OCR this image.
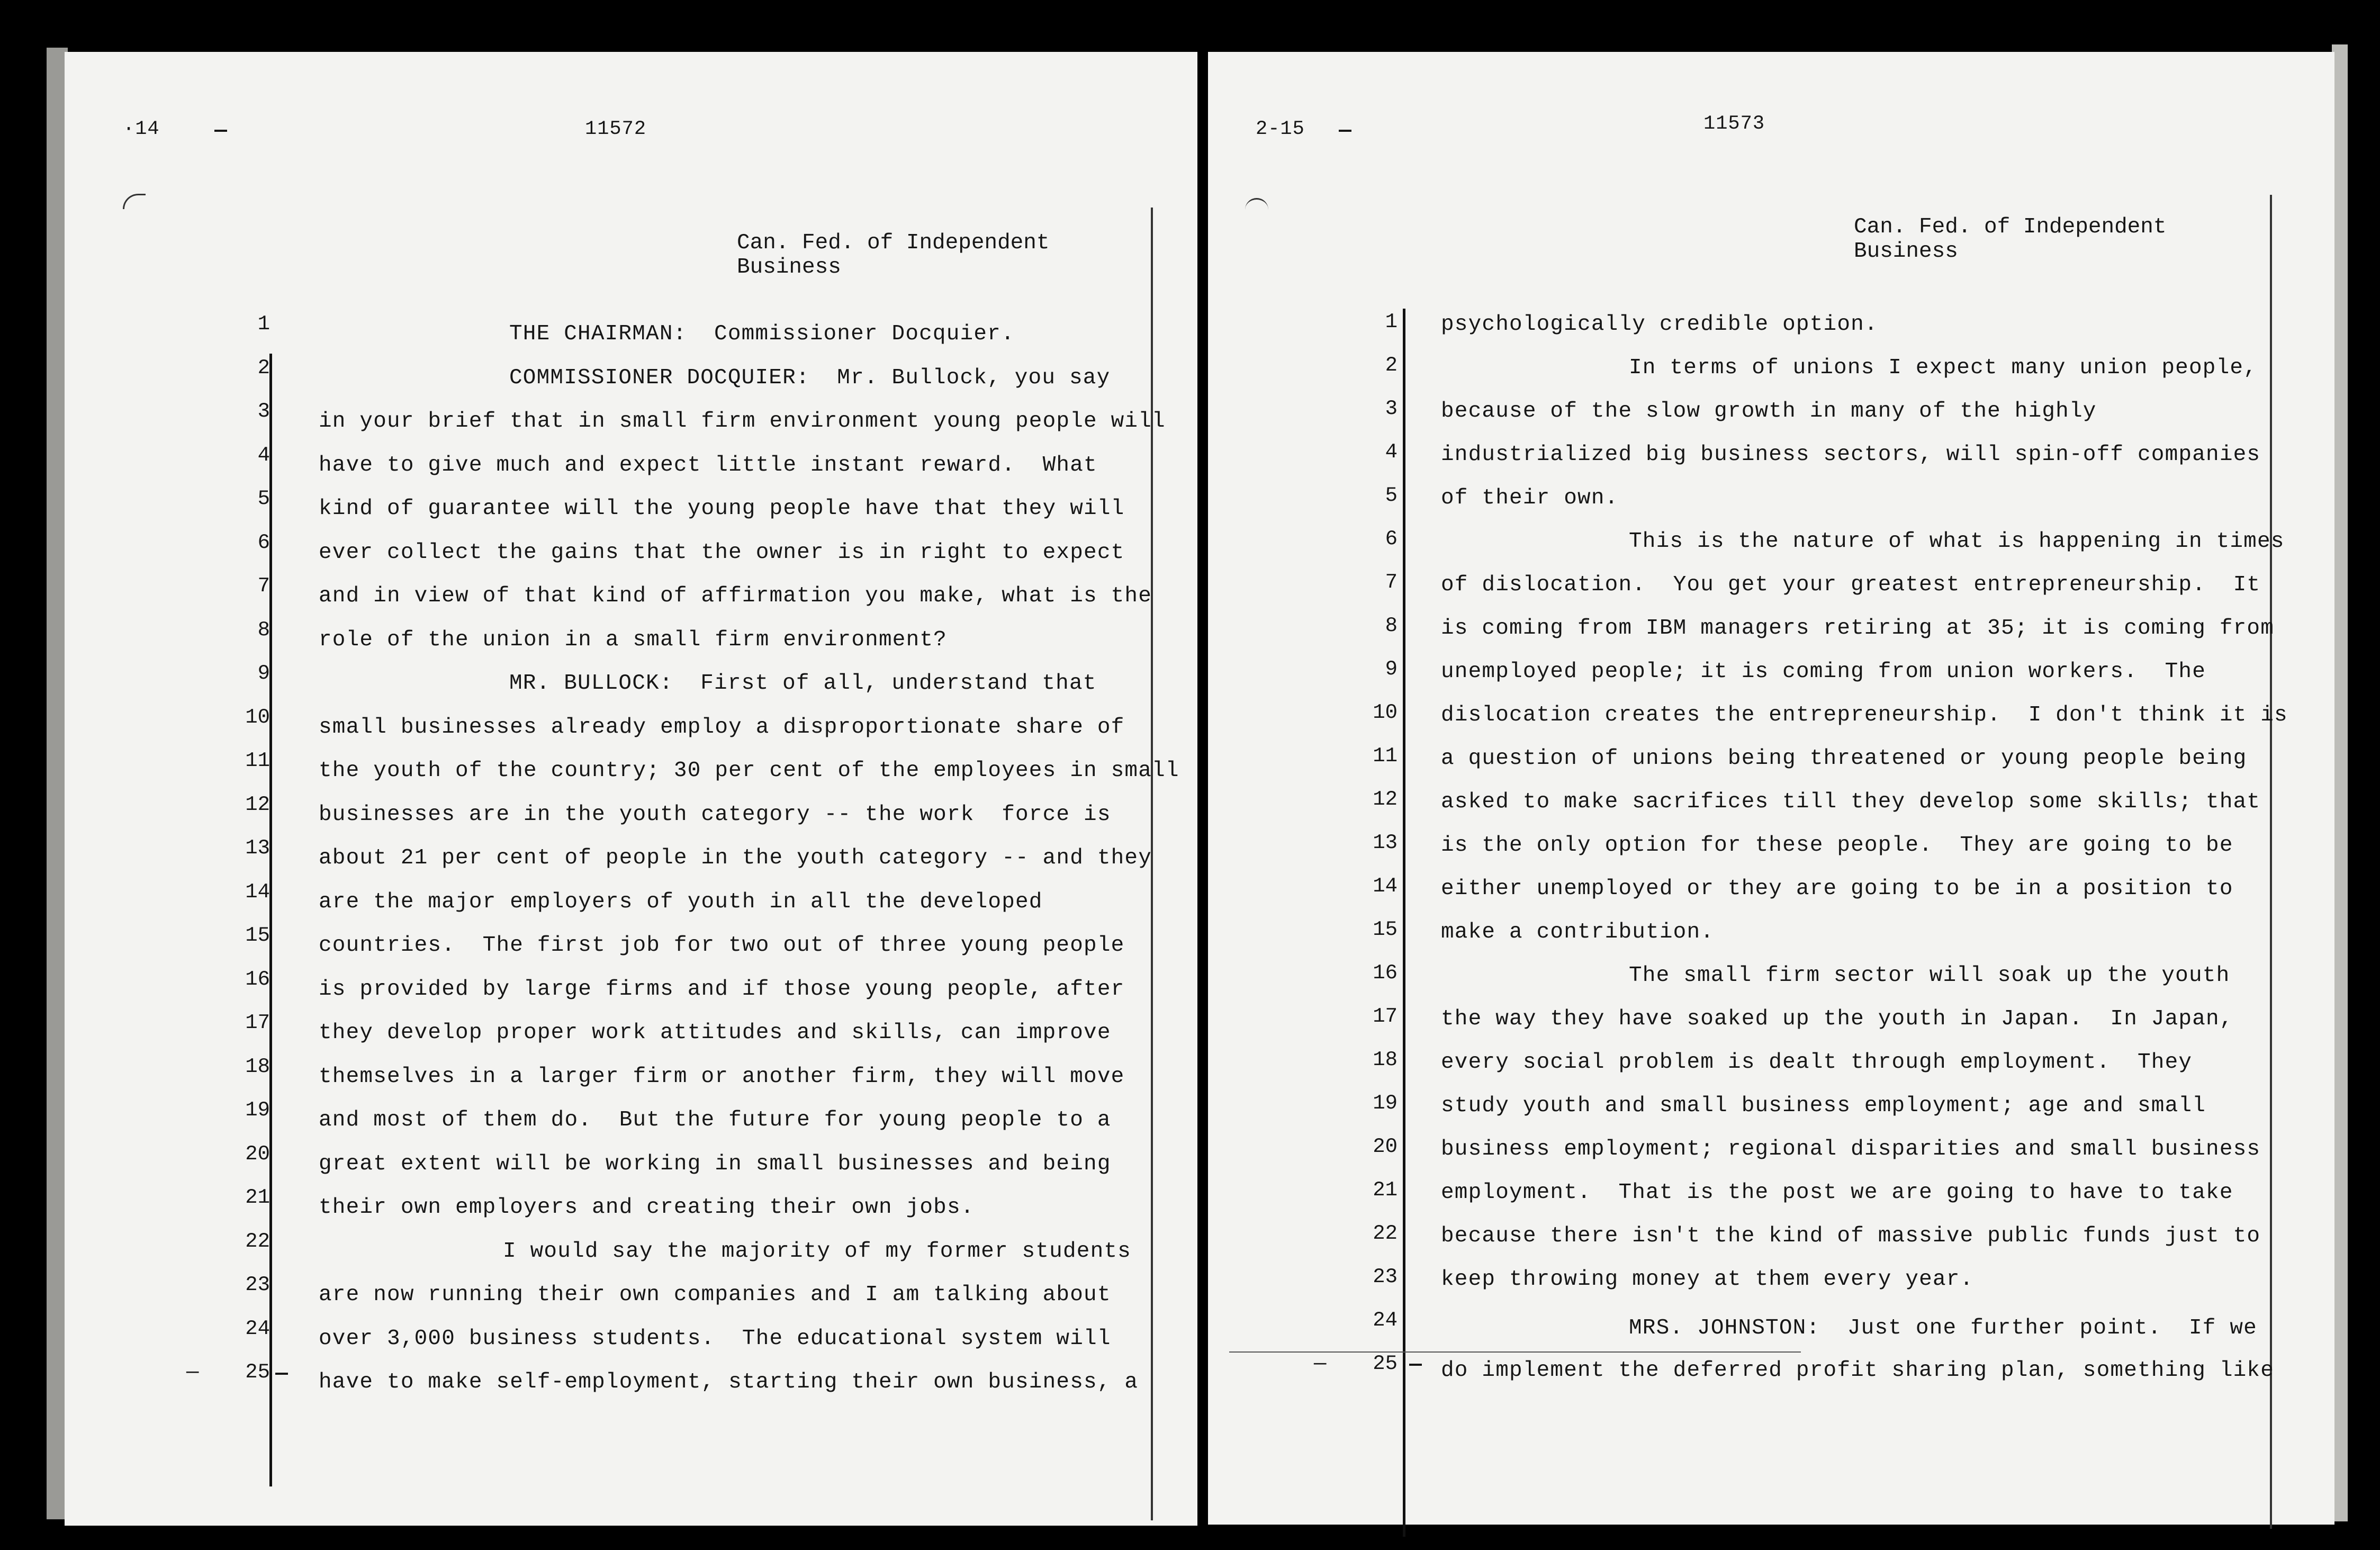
·14	11572
Can. Fed. of Independent
Business
1
2
3
4
5
6
7
8
9
10
11
12
13
14
15
16
17
18
19
20
21
22
23
24
— 25
THE CHAIRMAN:  Commissioner Docquier.
COMMISSIONER DOCQUIER:  Mr. Bullock, you say
in your brief that in small firm environment young people will
have to give much and expect little instant reward.  What
kind of guarantee will the young people have that they will
ever collect the gains that the owner is in right to expect
and in view of that kind of affirmation you make, what is the
role of the union in a small firm environment?
MR. BULLOCK:  First of all, understand that
small businesses already employ a disproportionate share of
the youth of the country; 30 per cent of the employees in small
businesses are in the youth category -- the work  force is
about 21 per cent of people in the youth category -- and they
are the major employers of youth in all the developed
countries.  The first job for two out of three young people
is provided by large firms and if those young people, after
they develop proper work attitudes and skills, can improve
themselves in a larger firm or another firm, they will move
and most of them do.  But the future for young people to a
great extent will be working in small businesses and being
their own employers and creating their own jobs.
I would say the majority of my former students
are now running their own companies and I am talking about
over 3,000 business students.  The educational system will
have to make self-employment, starting their own business, a
2-15	11573
Can. Fed. of Independent
Business
1
2
3
4
5
6
7
8
9
10
11
12
13
14
15
16
17
18
19
20
21
22
23
24
— 25
psychologically credible option.
In terms of unions I expect many union people,
because of the slow growth in many of the highly
industrialized big business sectors, will spin-off companies
of their own.
This is the nature of what is happening in times
of dislocation.  You get your greatest entrepreneurship.  It
is coming from IBM managers retiring at 35; it is coming from
unemployed people; it is coming from union workers.  The
dislocation creates the entrepreneurship.  I don't think it is
a question of unions being threatened or young people being
asked to make sacrifices till they develop some skills; that
is the only option for these people.  They are going to be
either unemployed or they are going to be in a position to
make a contribution.
The small firm sector will soak up the youth
the way they have soaked up the youth in Japan.  In Japan,
every social problem is dealt through employment.  They
study youth and small business employment; age and small
business employment; regional disparities and small business
employment.  That is the post we are going to have to take
because there isn't the kind of massive public funds just to
keep throwing money at them every year.
MRS. JOHNSTON:  Just one further point.  If we
do implement the deferred profit sharing plan, something like
